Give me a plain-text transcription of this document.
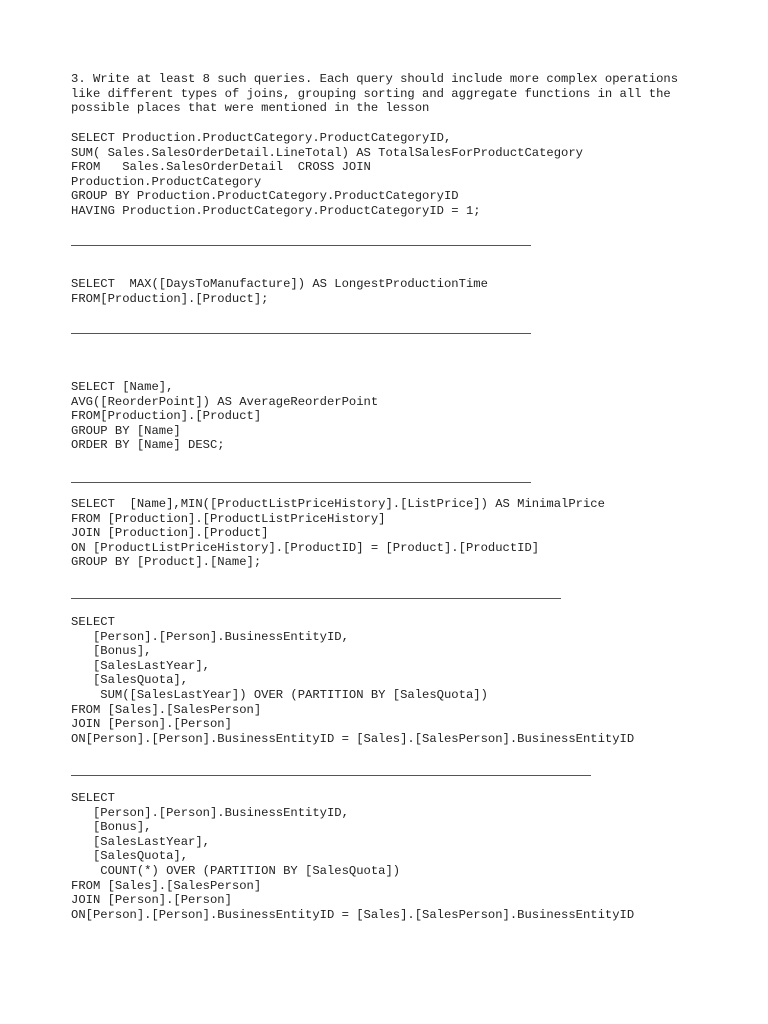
3. Write at least 8 such queries. Each query should include more complex operations
like different types of joins, grouping sorting and aggregate functions in all the
possible places that were mentioned in the lesson
SELECT Production.ProductCategory.ProductCategoryID,
SUM( Sales.SalesOrderDetail.LineTotal) AS TotalSalesForProductCategory
FROM   Sales.SalesOrderDetail  CROSS JOIN
Production.ProductCategory
GROUP BY Production.ProductCategory.ProductCategoryID
HAVING Production.ProductCategory.ProductCategoryID = 1;
SELECT  MAX([DaysToManufacture]) AS LongestProductionTime
FROM[Production].[Product];
SELECT [Name],
AVG([ReorderPoint]) AS AverageReorderPoint
FROM[Production].[Product]
GROUP BY [Name]
ORDER BY [Name] DESC;
SELECT  [Name],MIN([ProductListPriceHistory].[ListPrice]) AS MinimalPrice
FROM [Production].[ProductListPriceHistory]
JOIN [Production].[Product]
ON [ProductListPriceHistory].[ProductID] = [Product].[ProductID]
GROUP BY [Product].[Name];
SELECT
[Person].[Person].BusinessEntityID,
[Bonus],
[SalesLastYear],
[SalesQuota],
SUM([SalesLastYear]) OVER (PARTITION BY [SalesQuota])
FROM [Sales].[SalesPerson]
JOIN [Person].[Person]
ON[Person].[Person].BusinessEntityID = [Sales].[SalesPerson].BusinessEntityID
SELECT
[Person].[Person].BusinessEntityID,
[Bonus],
[SalesLastYear],
[SalesQuota],
COUNT(*) OVER (PARTITION BY [SalesQuota])
FROM [Sales].[SalesPerson]
JOIN [Person].[Person]
ON[Person].[Person].BusinessEntityID = [Sales].[SalesPerson].BusinessEntityID
